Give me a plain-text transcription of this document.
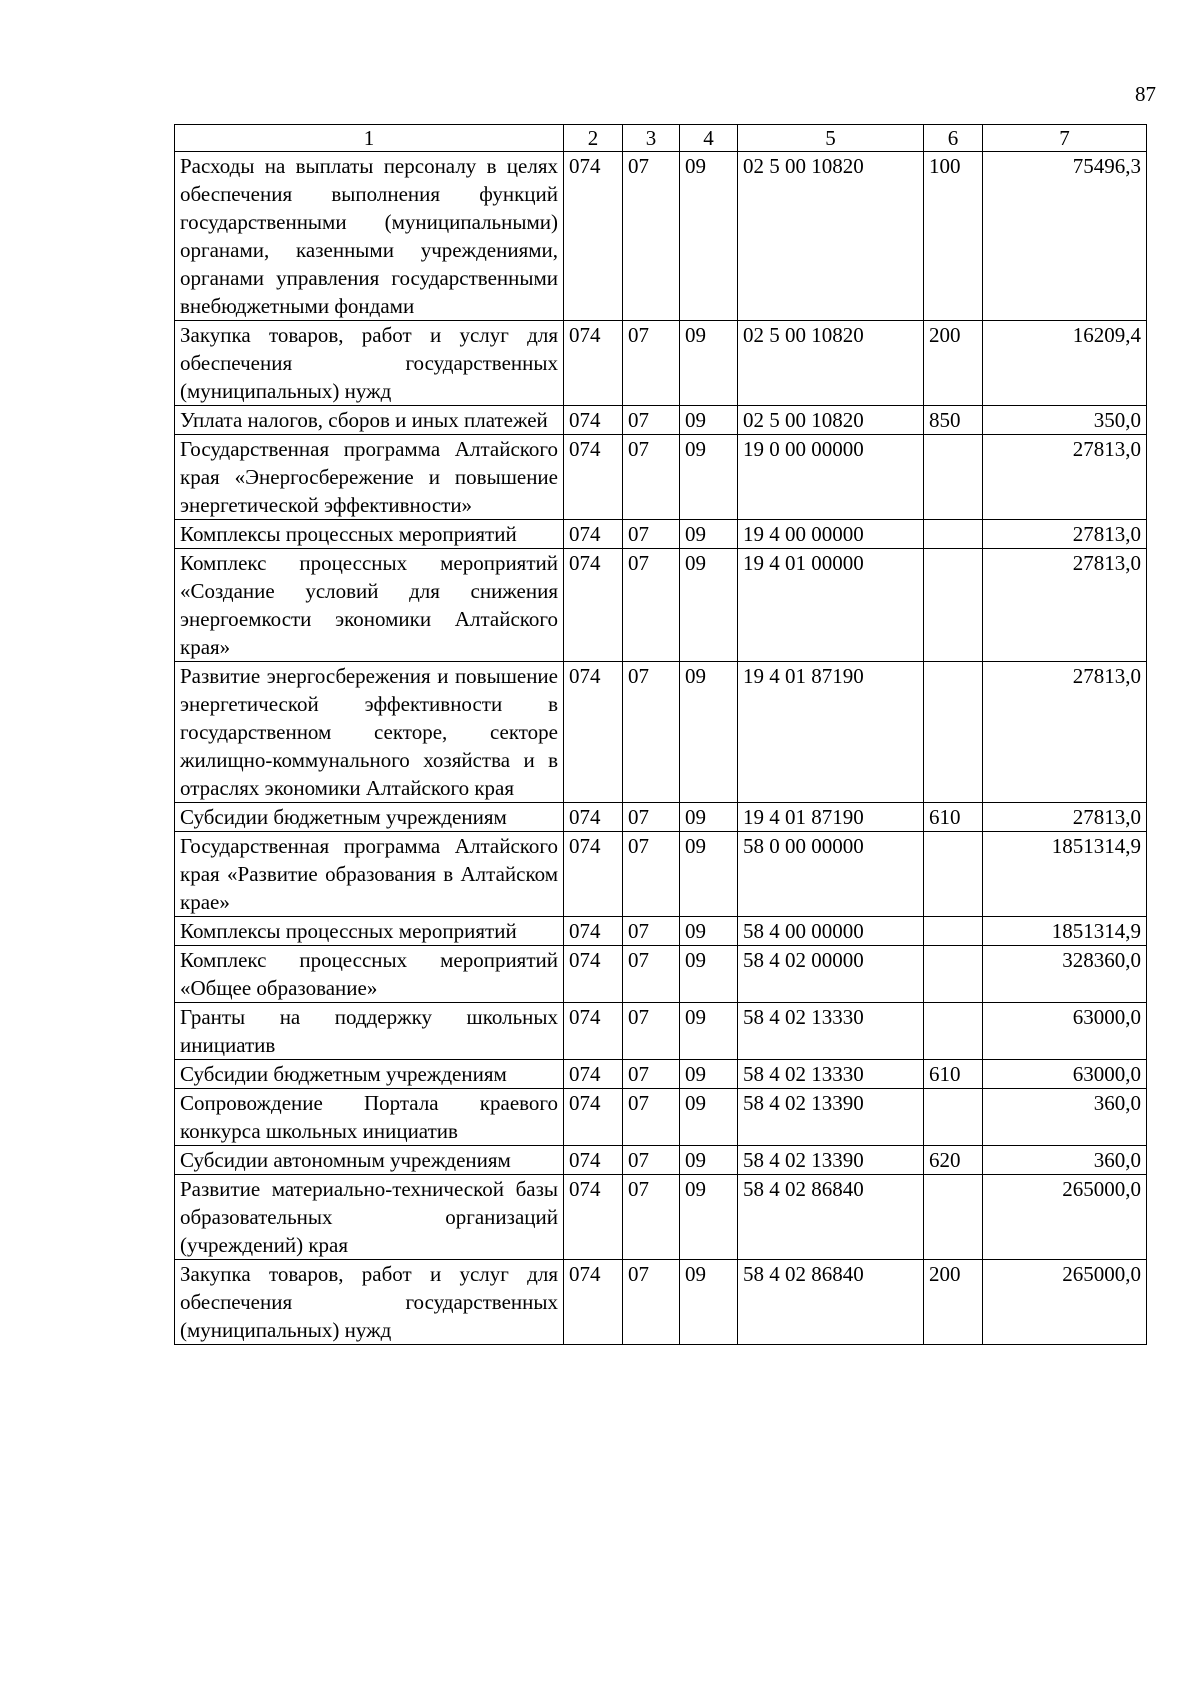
87
1	2	3	4	5	6	7
Расходы на выплаты персоналу в целях обеспечения выполнения функций государственными (муниципальными) органами, казенными учреждениями, органами управления государственными внебюджетными фондами	074	07	09	02 5 00 10820	100	75496,3
Закупка товаров, работ и услуг для обеспечения государственных (муниципальных) нужд	074	07	09	02 5 00 10820	200	16209,4
Уплата налогов, сборов и иных платежей	074	07	09	02 5 00 10820	850	350,0
Государственная программа Алтайского края «Энергосбережение и повышение энергетической эффективности»	074	07	09	19 0 00 00000		27813,0
Комплексы процессных мероприятий	074	07	09	19 4 00 00000		27813,0
Комплекс процессных мероприятий «Создание условий для снижения энергоемкости экономики Алтайского края»	074	07	09	19 4 01 00000		27813,0
Развитие энергосбережения и повышение энергетической эффективности в государственном секторе, секторе жилищно-коммунального хозяйства и в отраслях экономики Алтайского края	074	07	09	19 4 01 87190		27813,0
Субсидии бюджетным учреждениям	074	07	09	19 4 01 87190	610	27813,0
Государственная программа Алтайского края «Развитие образования в Алтайском крае»	074	07	09	58 0 00 00000		1851314,9
Комплексы процессных мероприятий	074	07	09	58 4 00 00000		1851314,9
Комплекс процессных мероприятий «Общее образование»	074	07	09	58 4 02 00000		328360,0
Гранты на поддержку школьных инициатив	074	07	09	58 4 02 13330		63000,0
Субсидии бюджетным учреждениям	074	07	09	58 4 02 13330	610	63000,0
Сопровождение Портала краевого конкурса школьных инициатив	074	07	09	58 4 02 13390		360,0
Субсидии автономным учреждениям	074	07	09	58 4 02 13390	620	360,0
Развитие материально-технической базы образовательных организаций (учреждений) края	074	07	09	58 4 02 86840		265000,0
Закупка товаров, работ и услуг для обеспечения государственных (муниципальных) нужд	074	07	09	58 4 02 86840	200	265000,0
